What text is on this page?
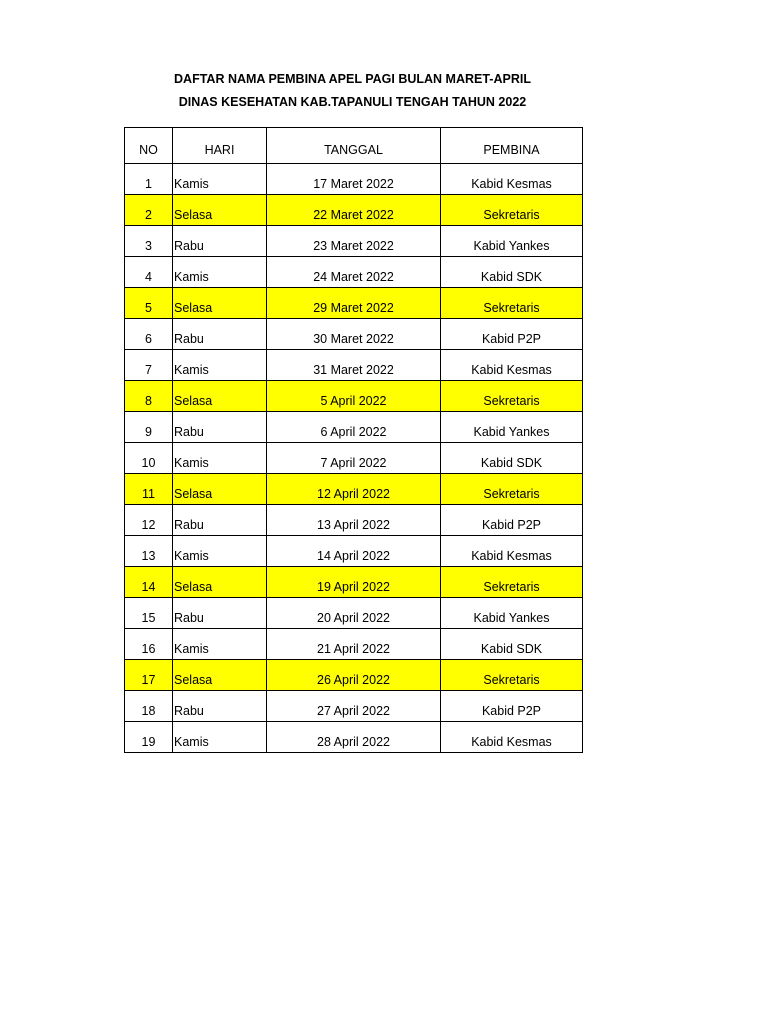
DAFTAR NAMA PEMBINA APEL PAGI BULAN MARET-APRIL
DINAS KESEHATAN KAB.TAPANULI TENGAH TAHUN 2022
NO	HARI	TANGGAL	PEMBINA
1	Kamis	17 Maret 2022	Kabid Kesmas
2	Selasa	22 Maret 2022	Sekretaris
3	Rabu	23 Maret 2022	Kabid Yankes
4	Kamis	24 Maret 2022	Kabid SDK
5	Selasa	29 Maret 2022	Sekretaris
6	Rabu	30 Maret 2022	Kabid P2P
7	Kamis	31 Maret 2022	Kabid Kesmas
8	Selasa	5 April 2022	Sekretaris
9	Rabu	6 April 2022	Kabid Yankes
10	Kamis	7 April 2022	Kabid SDK
11	Selasa	12 April 2022	Sekretaris
12	Rabu	13 April 2022	Kabid P2P
13	Kamis	14 April 2022	Kabid Kesmas
14	Selasa	19 April 2022	Sekretaris
15	Rabu	20 April 2022	Kabid Yankes
16	Kamis	21 April 2022	Kabid SDK
17	Selasa	26 April 2022	Sekretaris
18	Rabu	27 April 2022	Kabid P2P
19	Kamis	28 April 2022	Kabid Kesmas
